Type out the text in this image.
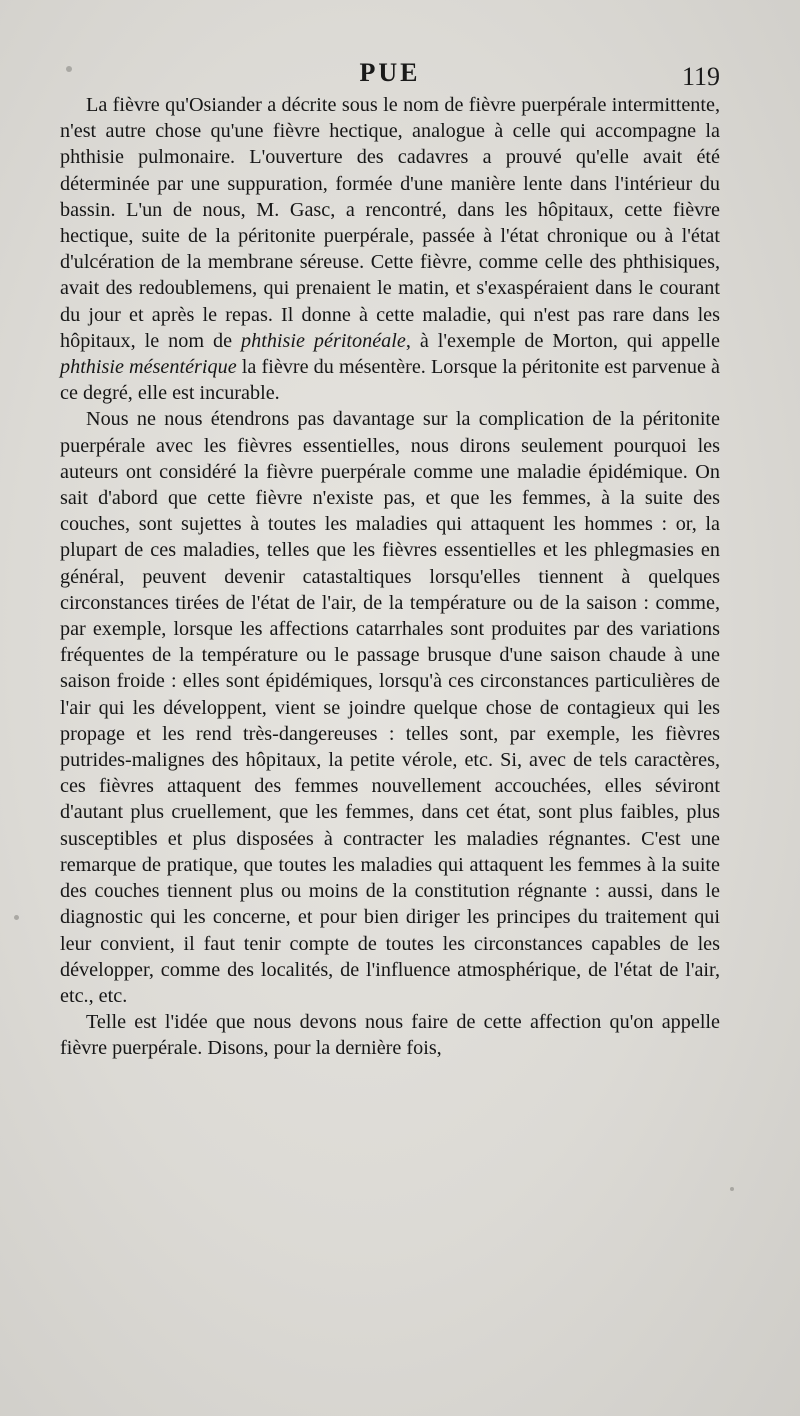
PUE	119

La fièvre qu'Osiander a décrite sous le nom de fièvre puerpérale intermittente, n'est autre chose qu'une fièvre hectique, analogue à celle qui accompagne la phthisie pulmonaire. L'ouverture des cadavres a prouvé qu'elle avait été déterminée par une suppuration, formée d'une manière lente dans l'intérieur du bassin. L'un de nous, M. Gasc, a rencontré, dans les hôpitaux, cette fièvre hectique, suite de la péritonite puerpérale, passée à l'état chronique ou à l'état d'ulcération de la membrane séreuse. Cette fièvre, comme celle des phthisiques, avait des redoublemens, qui prenaient le matin, et s'exaspéraient dans le courant du jour et après le repas. Il donne à cette maladie, qui n'est pas rare dans les hôpitaux, le nom de phthisie péritonéale, à l'exemple de Morton, qui appelle phthisie mésentérique la fièvre du mésentère. Lorsque la péritonite est parvenue à ce degré, elle est incurable.

Nous ne nous étendrons pas davantage sur la complication de la péritonite puerpérale avec les fièvres essentielles, nous dirons seulement pourquoi les auteurs ont considéré la fièvre puerpérale comme une maladie épidémique. On sait d'abord que cette fièvre n'existe pas, et que les femmes, à la suite des couches, sont sujettes à toutes les maladies qui attaquent les hommes : or, la plupart de ces maladies, telles que les fièvres essentielles et les phlegmasies en général, peuvent devenir catastaltiques lorsqu'elles tiennent à quelques circonstances tirées de l'état de l'air, de la température ou de la saison : comme, par exemple, lorsque les affections catarrhales sont produites par des variations fréquentes de la température ou le passage brusque d'une saison chaude à une saison froide : elles sont épidémiques, lorsqu'à ces circonstances particulières de l'air qui les développent, vient se joindre quelque chose de contagieux qui les propage et les rend très-dangereuses : telles sont, par exemple, les fièvres putrides-malignes des hôpitaux, la petite vérole, etc. Si, avec de tels caractères, ces fièvres attaquent des femmes nouvellement accouchées, elles séviront d'autant plus cruellement, que les femmes, dans cet état, sont plus faibles, plus susceptibles et plus disposées à contracter les maladies régnantes. C'est une remarque de pratique, que toutes les maladies qui attaquent les femmes à la suite des couches tiennent plus ou moins de la constitution régnante : aussi, dans le diagnostic qui les concerne, et pour bien diriger les principes du traitement qui leur convient, il faut tenir compte de toutes les circonstances capables de les développer, comme des localités, de l'influence atmosphérique, de l'état de l'air, etc., etc.

Telle est l'idée que nous devons nous faire de cette affection qu'on appelle fièvre puerpérale. Disons, pour la dernière fois,
